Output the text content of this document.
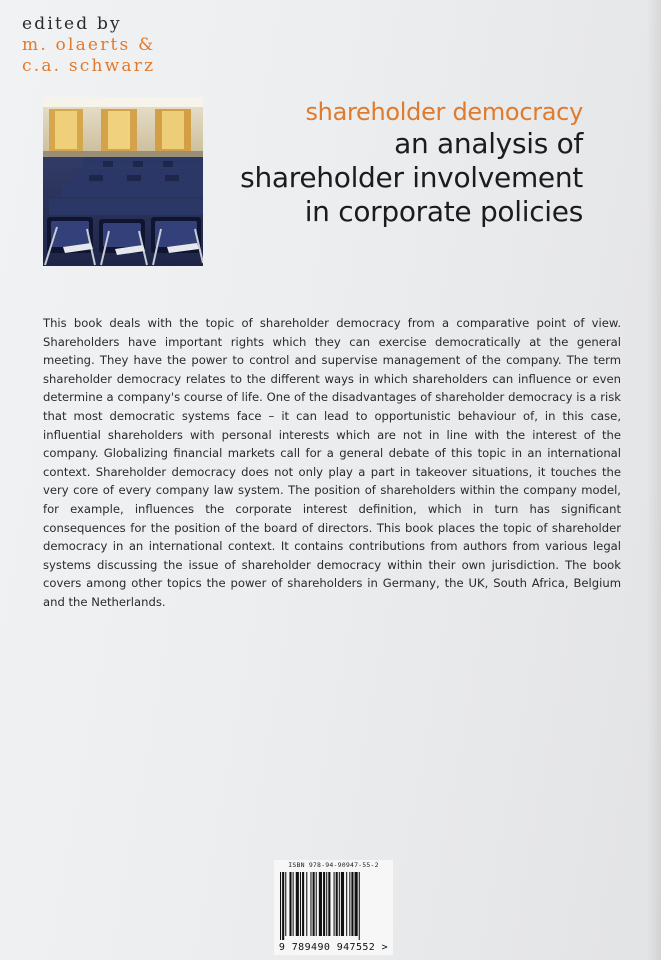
edited by
m. olaerts &
c.a. schwarz
shareholder democracy
an analysis of
shareholder involvement
in corporate policies

This book deals with the topic of shareholder democracy from a comparative point of view. Shareholders have important rights which they can exercise democratically at the general meeting. They have the power to control and supervise management of the company. The term shareholder democracy relates to the different ways in which shareholders can influence or even determine a company's course of life. One of the disadvantages of shareholder democracy is a risk that most democratic systems face – it can lead to opportunistic behaviour of, in this case, influential shareholders with personal interests which are not in line with the interest of the company. Globalizing financial markets call for a general debate of this topic in an international context. Shareholder democracy does not only play a part in takeover situations, it touches the very core of every company law system. The position of shareholders within the company model, for example, influences the corporate interest definition, which in turn has significant consequences for the position of the board of directors. This book places the topic of shareholder democracy in an international context. It contains contributions from authors from various legal systems discussing the issue of shareholder democracy within their own jurisdiction. The book covers among other topics the power of shareholders in Germany, the UK, South Africa, Belgium and the Netherlands.

ISBN 978-94-90947-55-2
9 789490 947552 >
